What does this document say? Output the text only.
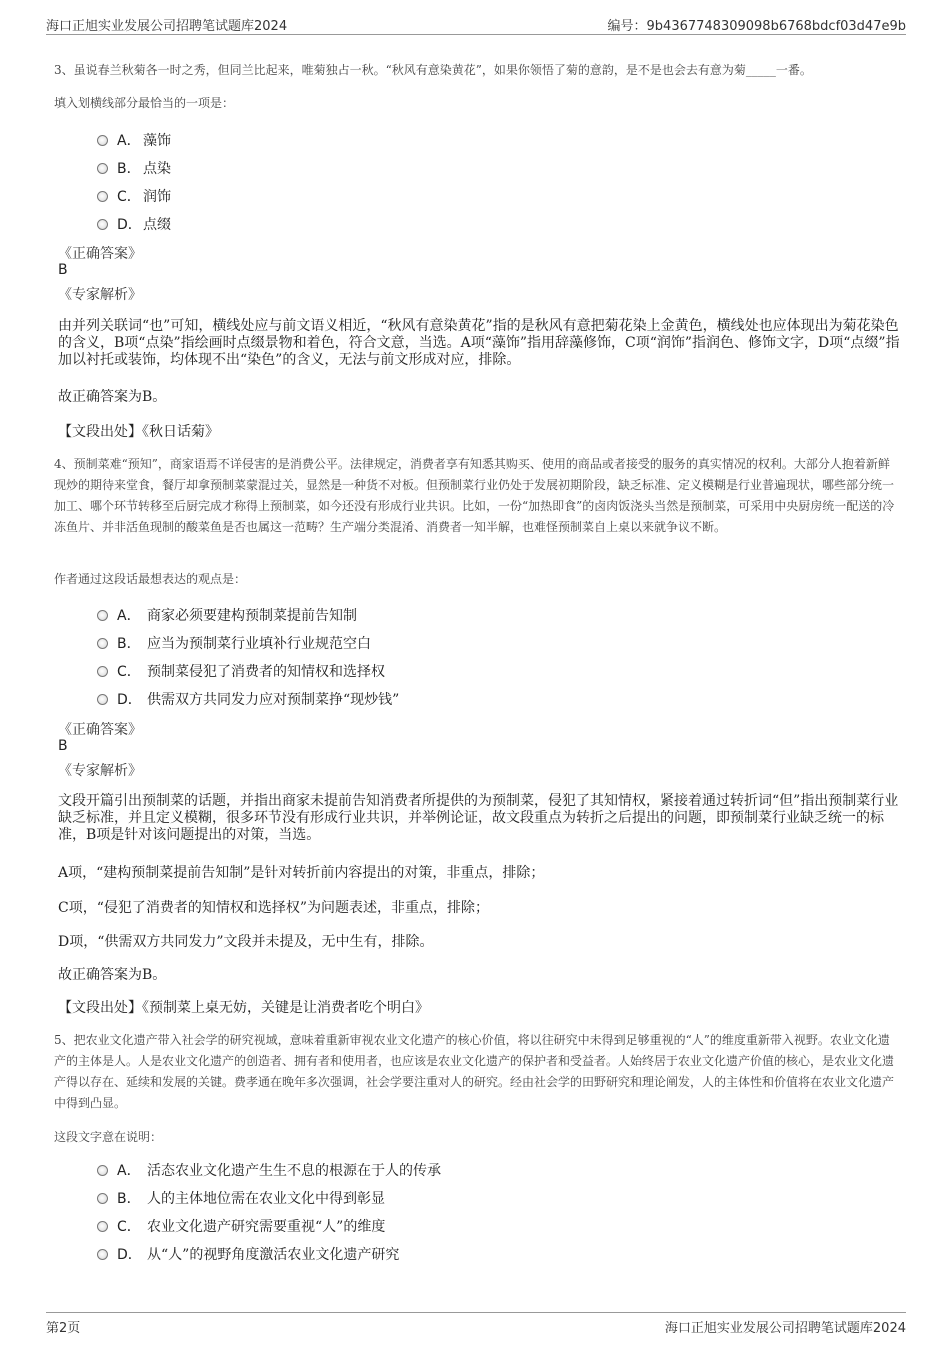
海口正旭实业发展公司招聘笔试题库2024	编号：9b4367748309098b6768bdcf03d47e9b
3、虽说春兰秋菊各一时之秀，但同兰比起来，唯菊独占一秋。“秋风有意染黄花”，如果你领悟了菊的意韵，是不是也会去有意为菊_____一番。
填入划横线部分最恰当的一项是：
A． 藻饰
B． 点染
C． 润饰
D． 点缀
《正确答案》
B
《专家解析》
由并列关联词“也”可知，横线处应与前文语义相近，“秋风有意染黄花”指的是秋风有意把菊花染上金黄色，横线处也应体现出为菊花染色的含义，B项“点染”指绘画时点缀景物和着色，符合文意，当选。A项“藻饰”指用辞藻修饰，C项“润饰”指润色、修饰文字，D项“点缀”指加以衬托或装饰，均体现不出“染色”的含义，无法与前文形成对应，排除。
故正确答案为B。
【文段出处】《秋日话菊》
4、预制菜难“预知”，商家语焉不详侵害的是消费公平。法律规定，消费者享有知悉其购买、使用的商品或者接受的服务的真实情况的权利。大部分人抱着新鲜现炒的期待来堂食，餐厅却拿预制菜蒙混过关，显然是一种货不对板。但预制菜行业仍处于发展初期阶段，缺乏标准、定义模糊是行业普遍现状，哪些部分统一加工、哪个环节转移至后厨完成才称得上预制菜，如今还没有形成行业共识。比如，一份“加热即食”的卤肉饭浇头当然是预制菜，可采用中央厨房统一配送的冷冻鱼片、并非活鱼现制的酸菜鱼是否也属这一范畴？生产端分类混淆、消费者一知半解，也难怪预制菜自上桌以来就争议不断。
作者通过这段话最想表达的观点是：
A． 商家必须要建构预制菜提前告知制
B． 应当为预制菜行业填补行业规范空白
C． 预制菜侵犯了消费者的知情权和选择权
D． 供需双方共同发力应对预制菜挣“现炒钱”
《正确答案》
B
《专家解析》
文段开篇引出预制菜的话题，并指出商家未提前告知消费者所提供的为预制菜，侵犯了其知情权，紧接着通过转折词“但”指出预制菜行业缺乏标准，并且定义模糊，很多环节没有形成行业共识，并举例论证，故文段重点为转折之后提出的问题，即预制菜行业缺乏统一的标准，B项是针对该问题提出的对策，当选。
A项，“建构预制菜提前告知制”是针对转折前内容提出的对策，非重点，排除；
C项，“侵犯了消费者的知情权和选择权”为问题表述，非重点，排除；
D项，“供需双方共同发力”文段并未提及，无中生有，排除。
故正确答案为B。
【文段出处】《预制菜上桌无妨，关键是让消费者吃个明白》
5、把农业文化遗产带入社会学的研究视域，意味着重新审视农业文化遗产的核心价值，将以往研究中未得到足够重视的“人”的维度重新带入视野。农业文化遗产的主体是人。人是农业文化遗产的创造者、拥有者和使用者，也应该是农业文化遗产的保护者和受益者。人始终居于农业文化遗产价值的核心，是农业文化遗产得以存在、延续和发展的关键。费孝通在晚年多次强调，社会学要注重对人的研究。经由社会学的田野研究和理论阐发，人的主体性和价值将在农业文化遗产中得到凸显。
这段文字意在说明：
A． 活态农业文化遗产生生不息的根源在于人的传承
B． 人的主体地位需在农业文化中得到彰显
C． 农业文化遗产研究需要重视“人”的维度
D． 从“人”的视野角度激活农业文化遗产研究
第2页	海口正旭实业发展公司招聘笔试题库2024
